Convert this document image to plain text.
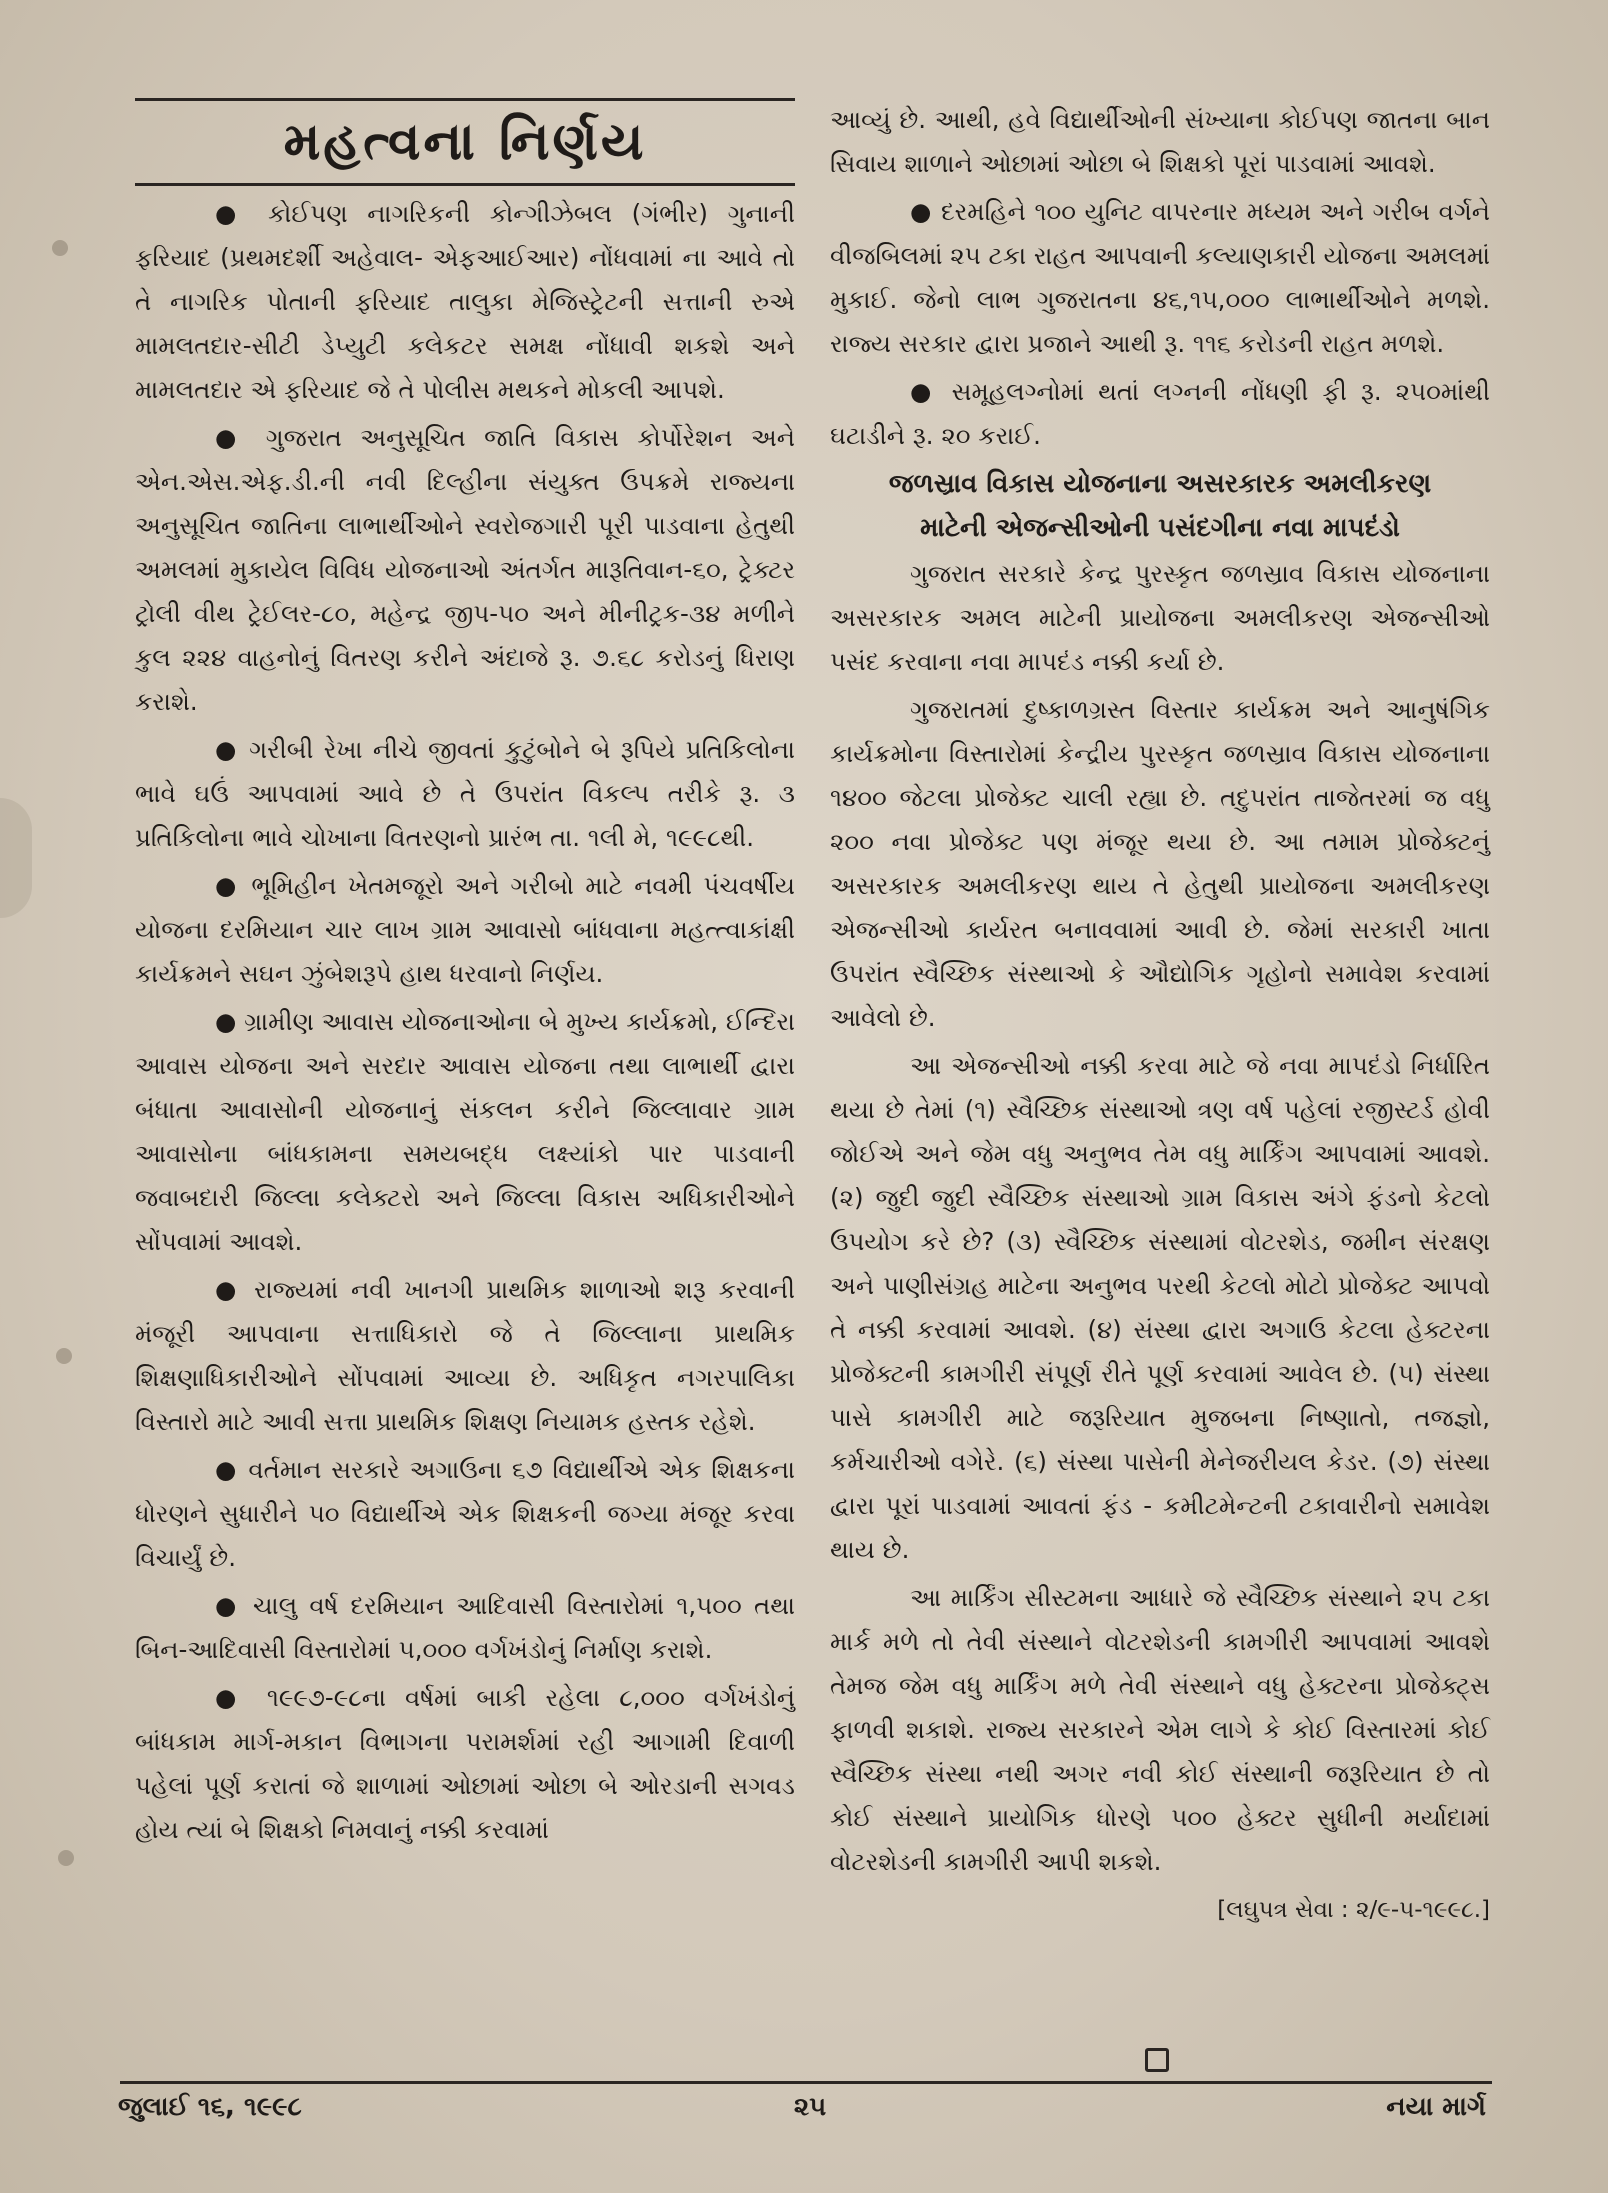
મહત્વના નિર્ણય

● કોઈપણ નાગરિકની કોન્ગીઝેબલ (ગંભીર) ગુનાની ફરિયાદ (પ્રથમદર્શી અહેવાલ- એફઆઈઆર) નોંધવામાં ના આવે તો તે નાગરિક પોતાની ફરિયાદ તાલુકા મેજિસ્ટ્રેટની સત્તાની રુએ મામલતદાર-સીટી ડેપ્યુટી કલેકટર સમક્ષ નોંધાવી શકશે અને મામલતદાર એ ફરિયાદ જે તે પોલીસ મથકને મોકલી આપશે.

● ગુજરાત અનુસૂચિત જાતિ વિકાસ કોર્પોરેશન અને એન.એસ.એફ.ડી.ની નવી દિલ્હીના સંયુક્ત ઉપક્રમે રાજ્યના અનુસૂચિત જાતિના લાભાર્થીઓને સ્વરોજગારી પૂરી પાડવાના હેતુથી અમલમાં મુકાયેલ વિવિધ યોજનાઓ અંતર્ગત મારૂતિવાન-૬૦, ટ્રેક્ટર ટ્રોલી વીથ ટ્રેઈલર-૮૦, મહેન્દ્ર જીપ-૫૦ અને મીનીટ્રક-૩૪ મળીને કુલ ૨૨૪ વાહનોનું વિતરણ કરીને અંદાજે રૂ. ૭.૬૮ કરોડનું ધિરાણ કરાશે.

● ગરીબી રેખા નીચે જીવતાં કુટુંબોને બે રૂપિયે પ્રતિકિલોના ભાવે ઘઉં આપવામાં આવે છે તે ઉપરાંત વિકલ્પ તરીકે રૂ. ૩ પ્રતિકિલોના ભાવે ચોખાના વિતરણનો પ્રારંભ તા. ૧લી મે, ૧૯૯૮થી.

● ભૂમિહીન ખેતમજૂરો અને ગરીબો માટે નવમી પંચવર્ષીય યોજના દરમિયાન ચાર લાખ ગ્રામ આવાસો બાંધવાના મહત્ત્વાકાંક્ષી કાર્યક્રમને સઘન ઝુંબેશરૂપે હાથ ધરવાનો નિર્ણય.

● ગ્રામીણ આવાસ યોજનાઓના બે મુખ્ય કાર્યક્રમો, ઈન્દિરા આવાસ યોજના અને સરદાર આવાસ યોજના તથા લાભાર્થી દ્વારા બંધાતા આવાસોની યોજનાનું સંકલન કરીને જિલ્લાવાર ગ્રામ આવાસોના બાંધકામના સમયબદ્ધ લક્ષ્યાંકો પાર પાડવાની જવાબદારી જિલ્લા કલેક્ટરો અને જિલ્લા વિકાસ અધિકારીઓને સોંપવામાં આવશે.

● રાજ્યમાં નવી ખાનગી પ્રાથમિક શાળાઓ શરૂ કરવાની મંજૂરી આપવાના સત્તાધિકારો જે તે જિલ્લાના પ્રાથમિક શિક્ષણાધિકારીઓને સોંપવામાં આવ્યા છે. અધિકૃત નગરપાલિકા વિસ્તારો માટે આવી સત્તા પ્રાથમિક શિક્ષણ નિયામક હસ્તક રહેશે.

● વર્તમાન સરકારે અગાઉના ૬૭ વિદ્યાર્થીએ એક શિક્ષકના ધોરણને સુધારીને ૫૦ વિદ્યાર્થીએ એક શિક્ષકની જગ્યા મંજૂર કરવા વિચાર્યું છે.

● ચાલુ વર્ષ દરમિયાન આદિવાસી વિસ્તારોમાં ૧,૫૦૦ તથા બિન-આદિવાસી વિસ્તારોમાં ૫,૦૦૦ વર્ગખંડોનું નિર્માણ કરાશે.

● ૧૯૯૭-૯૮ના વર્ષમાં બાકી રહેલા ૮,૦૦૦ વર્ગખંડોનું બાંધકામ માર્ગ-મકાન વિભાગના પરામર્શમાં રહી આગામી દિવાળી પહેલાં પૂર્ણ કરાતાં જે શાળામાં ઓછામાં ઓછા બે ઓરડાની સગવડ હોય ત્યાં બે શિક્ષકો નિમવાનું નક્કી કરવામાં

આવ્યું છે. આથી, હવે વિદ્યાર્થીઓની સંખ્યાના કોઈપણ જાતના બાન સિવાય શાળાને ઓછામાં ઓછા બે શિક્ષકો પૂરાં પાડવામાં આવશે.

● દરમહિને ૧૦૦ યુનિટ વાપરનાર મધ્યમ અને ગરીબ વર્ગને વીજબિલમાં ૨૫ ટકા રાહત આપવાની કલ્યાણકારી યોજના અમલમાં મુકાઈ. જેનો લાભ ગુજરાતના ૪૬,૧૫,૦૦૦ લાભાર્થીઓને મળશે. રાજ્ય સરકાર દ્વારા પ્રજાને આથી રૂ. ૧૧૬ કરોડની રાહત મળશે.

● સમૂહલગ્નોમાં થતાં લગ્નની નોંધણી ફી રૂ. ૨૫૦માંથી ઘટાડીને રૂ. ૨૦ કરાઈ.

જળસ્રાવ વિકાસ યોજનાના અસરકારક અમલીકરણ
માટેની એજન્સીઓની પસંદગીના નવા માપદંડો

ગુજરાત સરકારે કેન્દ્ર પુરસ્કૃત જળસ્રાવ વિકાસ યોજનાના અસરકારક અમલ માટેની પ્રાયોજના અમલીકરણ એજન્સીઓ પસંદ કરવાના નવા માપદંડ નક્કી કર્યા છે.

ગુજરાતમાં દુષ્કાળગ્રસ્ત વિસ્તાર કાર્યક્રમ અને આનુષંગિક કાર્યક્રમોના વિસ્તારોમાં કેન્દ્રીય પુરસ્કૃત જળસ્રાવ વિકાસ યોજનાના ૧૪૦૦ જેટલા પ્રોજેક્ટ ચાલી રહ્યા છે. તદુપરાંત તાજેતરમાં જ વધુ ૨૦૦ નવા પ્રોજેક્ટ પણ મંજૂર થયા છે. આ તમામ પ્રોજેક્ટનું અસરકારક અમલીકરણ થાય તે હેતુથી પ્રાયોજના અમલીકરણ એજન્સીઓ કાર્યરત બનાવવામાં આવી છે. જેમાં સરકારી ખાતા ઉપરાંત સ્વૈચ્છિક સંસ્થાઓ કે ઔદ્યોગિક ગૃહોનો સમાવેશ કરવામાં આવેલો છે.

આ એજન્સીઓ નક્કી કરવા માટે જે નવા માપદંડો નિર્ધારિત થયા છે તેમાં (૧) સ્વૈચ્છિક સંસ્થાઓ ત્રણ વર્ષ પહેલાં રજીસ્ટર્ડ હોવી જોઈએ અને જેમ વધુ અનુભવ તેમ વધુ માર્કિંગ આપવામાં આવશે. (૨) જુદી જુદી સ્વૈચ્છિક સંસ્થાઓ ગ્રામ વિકાસ અંગે ફંડનો કેટલો ઉપયોગ કરે છે? (૩) સ્વૈચ્છિક સંસ્થામાં વોટરશેડ, જમીન સંરક્ષણ અને પાણીસંગ્રહ માટેના અનુભવ પરથી કેટલો મોટો પ્રોજેક્ટ આપવો તે નક્કી કરવામાં આવશે. (૪) સંસ્થા દ્વારા અગાઉ કેટલા હેક્ટરના પ્રોજેક્ટની કામગીરી સંપૂર્ણ રીતે પૂર્ણ કરવામાં આવેલ છે. (૫) સંસ્થા પાસે કામગીરી માટે જરૂરિયાત મુજબના નિષ્ણાતો, તજજ્ઞો, કર્મચારીઓ વગેરે. (૬) સંસ્થા પાસેની મેનેજરીયલ કેડર. (૭) સંસ્થા દ્વારા પૂરાં પાડવામાં આવતાં ફંડ - કમીટમેન્ટની ટકાવારીનો સમાવેશ થાય છે.

આ માર્કિંગ સીસ્ટમના આધારે જે સ્વૈચ્છિક સંસ્થાને ૨૫ ટકા માર્ક મળે તો તેવી સંસ્થાને વોટરશેડની કામગીરી આપવામાં આવશે તેમજ જેમ વધુ માર્કિંગ મળે તેવી સંસ્થાને વધુ હેક્ટરના પ્રોજેક્ટ્સ ફાળવી શકાશે. રાજ્ય સરકારને એમ લાગે કે કોઈ વિસ્તારમાં કોઈ સ્વૈચ્છિક સંસ્થા નથી અગર નવી કોઈ સંસ્થાની જરૂરિયાત છે તો કોઈ સંસ્થાને પ્રાયોગિક ધોરણે ૫૦૦ હેક્ટર સુધીની મર્યાદામાં વોટરશેડની કામગીરી આપી શકશે.

[લઘુપત્ર સેવા : ૨/૯-૫-૧૯૯૮.]
જુલાઈ ૧૬, ૧૯૯૮	૨૫	નયા માર્ગ
